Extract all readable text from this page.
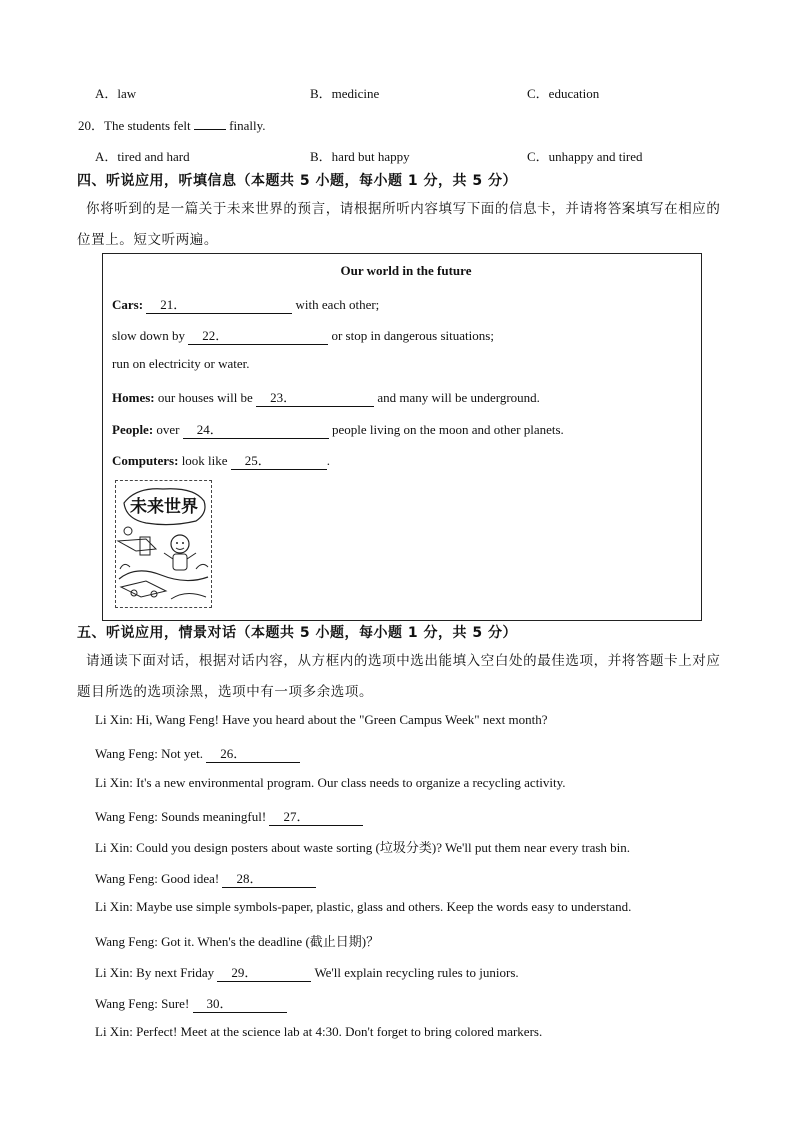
A．law	B．medicine	C．education
20．The students felt	finally.
A．tired and hard	B．hard but happy	C．unhappy and tired
四、听说应用，听填信息（本题共 5 小题，每小题 1 分，共 5 分）
你将听到的是一篇关于未来世界的预言，请根据所听内容填写下面的信息卡，并请将答案填写在相应的
位置上。短文听两遍。
Our world in the future
Cars: 21．	with each other;
slow down by 22．	or stop in dangerous situations;
run on electricity or water.
Homes: our houses will be 23．	and many will be underground.
People: over 24．	people living on the moon and other planets.
Computers: look like 25．	.
未来世界
五、听说应用，情景对话（本题共 5 小题，每小题 1 分，共 5 分）
请通读下面对话，根据对话内容，从方框内的选项中选出能填入空白处的最佳选项，并将答题卡上对应
题目所选的选项涂黑，选项中有一项多余选项。
Li Xin: Hi, Wang Feng! Have you heard about the "Green Campus Week" next month?
Wang Feng: Not yet. 26．
Li Xin: It's a new environmental program. Our class needs to organize a recycling activity.
Wang Feng: Sounds meaningful! 27．
Li Xin: Could you design posters about waste sorting (垃圾分类)? We'll put them near every trash bin.
Wang Feng: Good idea! 28．
Li Xin: Maybe use simple symbols-paper, plastic, glass and others. Keep the words easy to understand.
Wang Feng: Got it. When's the deadline (截止日期)？
Li Xin: By next Friday 29．	We'll explain recycling rules to juniors.
Wang Feng: Sure! 30．
Li Xin: Perfect! Meet at the science lab at 4:30. Don't forget to bring colored markers.
